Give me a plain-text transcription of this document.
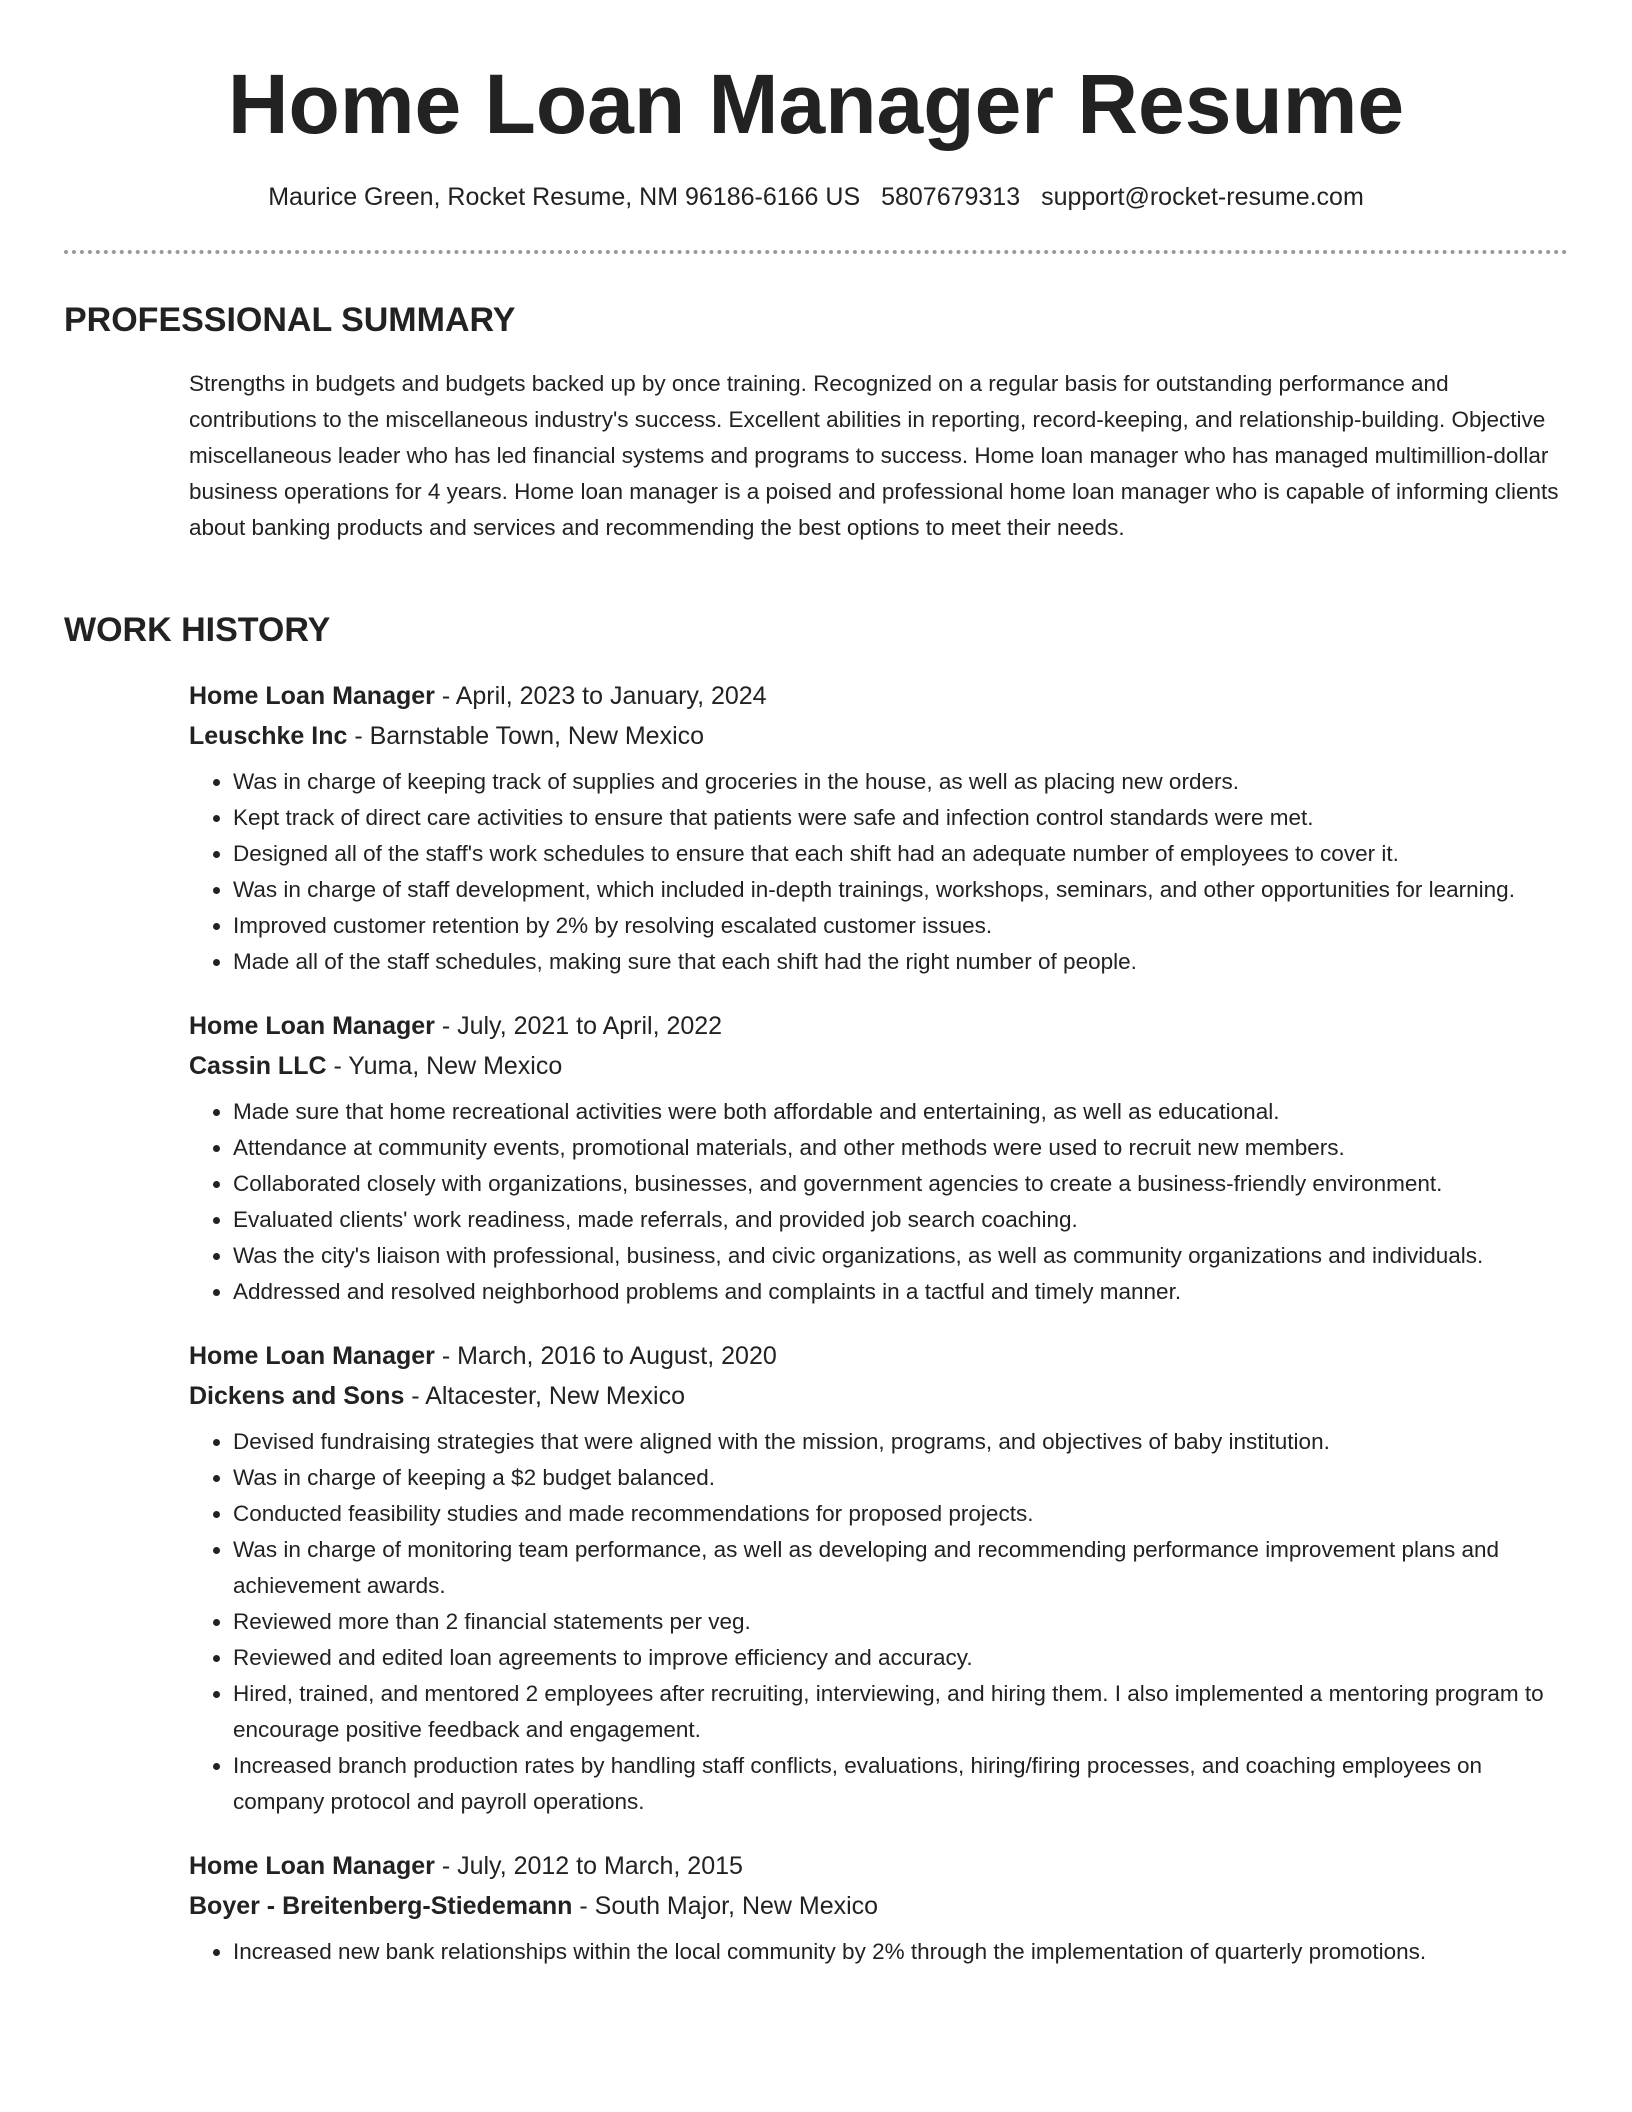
Home Loan Manager Resume
Maurice Green, Rocket Resume, NM 96186-6166 US 5807679313 support@rocket-resume.com
PROFESSIONAL SUMMARY

Strengths in budgets and budgets backed up by once training. Recognized on a regular basis for outstanding performance and contributions to the miscellaneous industry's success. Excellent abilities in reporting, record-keeping, and relationship-building. Objective miscellaneous leader who has led financial systems and programs to success. Home loan manager who has managed multimillion-dollar business operations for 4 years. Home loan manager is a poised and professional home loan manager who is capable of informing clients about banking products and services and recommending the best options to meet their needs.

WORK HISTORY
Home Loan Manager - April, 2023 to January, 2024
Leuschke Inc - Barnstable Town, New Mexico
• Was in charge of keeping track of supplies and groceries in the house, as well as placing new orders.
• Kept track of direct care activities to ensure that patients were safe and infection control standards were met.
• Designed all of the staff's work schedules to ensure that each shift had an adequate number of employees to cover it.
• Was in charge of staff development, which included in-depth trainings, workshops, seminars, and other opportunities for learning.
• Improved customer retention by 2% by resolving escalated customer issues.
• Made all of the staff schedules, making sure that each shift had the right number of people.
Home Loan Manager - July, 2021 to April, 2022
Cassin LLC - Yuma, New Mexico
• Made sure that home recreational activities were both affordable and entertaining, as well as educational.
• Attendance at community events, promotional materials, and other methods were used to recruit new members.
• Collaborated closely with organizations, businesses, and government agencies to create a business-friendly environment.
• Evaluated clients' work readiness, made referrals, and provided job search coaching.
• Was the city's liaison with professional, business, and civic organizations, as well as community organizations and individuals.
• Addressed and resolved neighborhood problems and complaints in a tactful and timely manner.
Home Loan Manager - March, 2016 to August, 2020
Dickens and Sons - Altacester, New Mexico
• Devised fundraising strategies that were aligned with the mission, programs, and objectives of baby institution.
• Was in charge of keeping a $2 budget balanced.
• Conducted feasibility studies and made recommendations for proposed projects.
• Was in charge of monitoring team performance, as well as developing and recommending performance improvement plans and achievement awards.
• Reviewed more than 2 financial statements per veg.
• Reviewed and edited loan agreements to improve efficiency and accuracy.
• Hired, trained, and mentored 2 employees after recruiting, interviewing, and hiring them. I also implemented a mentoring program to encourage positive feedback and engagement.
• Increased branch production rates by handling staff conflicts, evaluations, hiring/firing processes, and coaching employees on company protocol and payroll operations.
Home Loan Manager - July, 2012 to March, 2015
Boyer - Breitenberg-Stiedemann - South Major, New Mexico
• Increased new bank relationships within the local community by 2% through the implementation of quarterly promotions.
